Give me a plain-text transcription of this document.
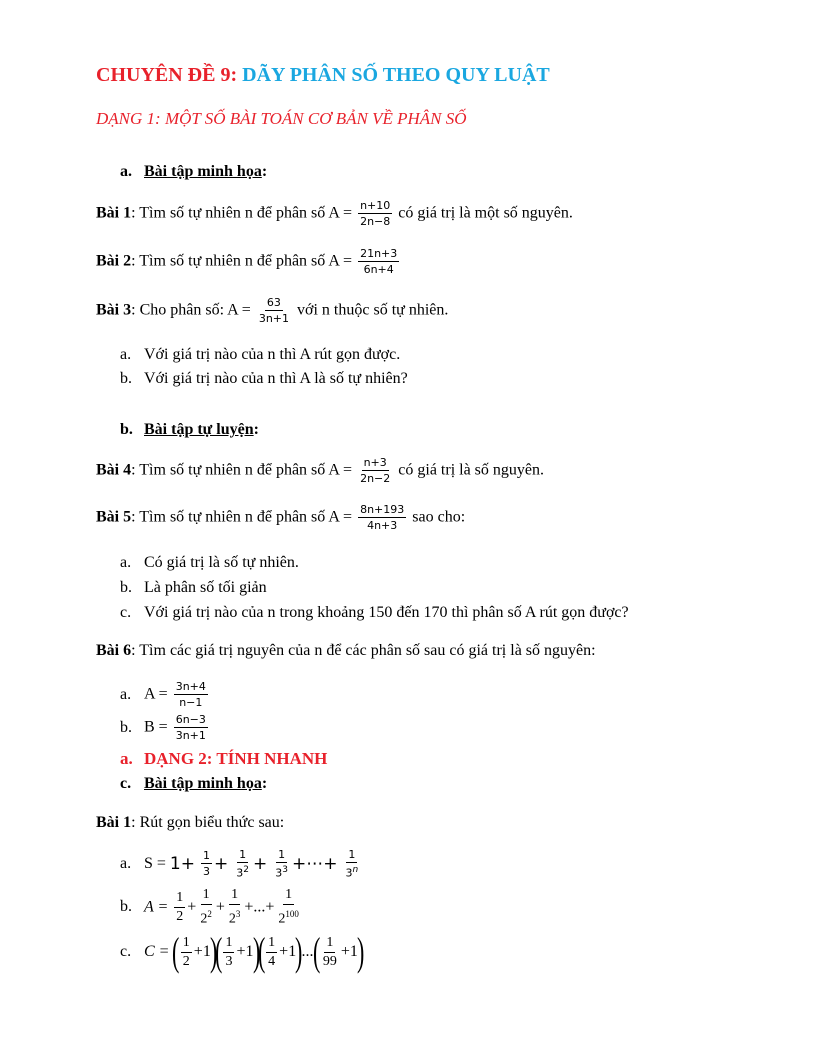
CHUYÊN ĐỀ 9: DÃY PHÂN SỐ THEO QUY LUẬT
DẠNG 1: MỘT SỐ BÀI TOÁN CƠ BẢN VỀ PHÂN SỐ
a. Bài tập minh họa:
Bài 1: Tìm số tự nhiên n để phân số $A = \frac{n+10}{2n-8}$ có giá trị là một số nguyên.
Bài 2: Tìm số tự nhiên n để phân số $A = \frac{21n+3}{6n+4}$
Bài 3: Cho phân số: $A = \frac{63}{3n+1}$ với n thuộc số tự nhiên.
a. Với giá trị nào của n thì A rút gọn được.
b. Với giá trị nào của n thì A là số tự nhiên?
b. Bài tập tự luyện:
Bài 4: Tìm số tự nhiên n để phân số $A = \frac{n+3}{2n-2}$ có giá trị là số nguyên.
Bài 5: Tìm số tự nhiên n để phân số $A = \frac{8n+193}{4n+3}$ sao cho:
a. Có giá trị là số tự nhiên.
b. Là phân số tối giản
c. Với giá trị nào của n trong khoảng 150 đến 170 thì phân số A rút gọn được?
Bài 6: Tìm các giá trị nguyên của n để các phân số sau có giá trị là số nguyên:
a. $A = \frac{3n+4}{n-1}$
b. $B = \frac{6n-3}{3n+1}$
a. DẠNG 2: TÍNH NHANH
c. Bài tập minh họa:
Bài 1: Rút gọn biểu thức sau:
a. $S = 1+ \frac{1}{3} + \frac{1}{3^2} + \frac{1}{3^3}$ +⋯+ $\frac{1}{3^n}$
b. $A = \frac{1}{2} + \frac{1}{2^2} + \frac{1}{2^3}$ +...+ $\frac{1}{2^{100}}$
c. C = ( $\frac{1}{2} +1)( \frac{1}{3} +1)( \frac{1}{4} +1)...( \frac{1}{99} +1)$
